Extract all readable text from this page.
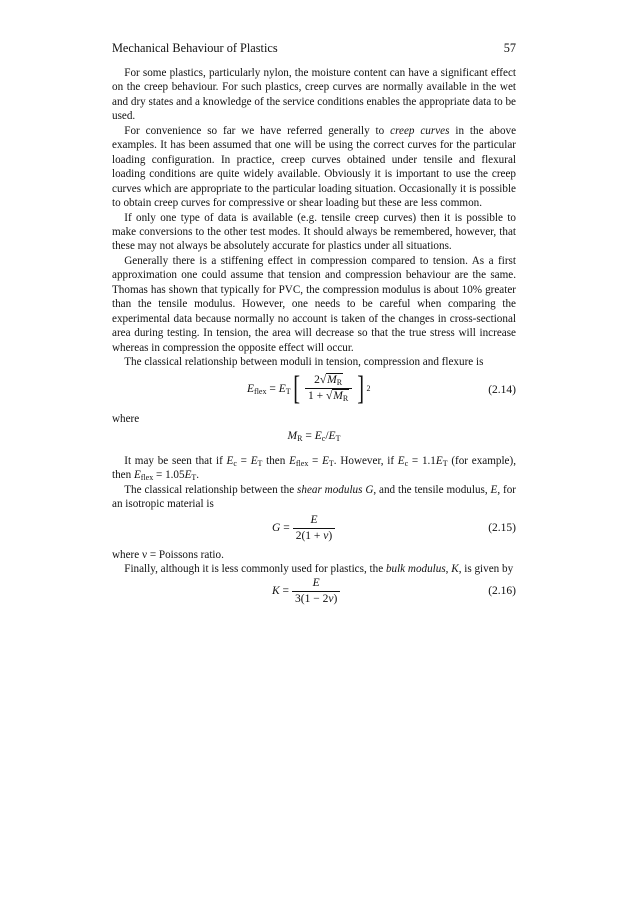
Mechanical Behaviour of Plastics	57

For some plastics, particularly nylon, the moisture content can have a significant effect on the creep behaviour. For such plastics, creep curves are normally available in the wet and dry states and a knowledge of the service conditions enables the appropriate data to be used.

For convenience so far we have referred generally to creep curves in the above examples. It has been assumed that one will be using the correct curves for the particular loading configuration. In practice, creep curves obtained under tensile and flexural loading conditions are quite widely available. Obviously it is important to use the creep curves which are appropriate to the particular loading situation. Occasionally it is possible to obtain creep curves for compressive or shear loading but these are less common.

If only one type of data is available (e.g. tensile creep curves) then it is possible to make conversions to the other test modes. It should always be remembered, however, that these may not always be absolutely accurate for plastics under all situations.

Generally there is a stiffening effect in compression compared to tension. As a first approximation one could assume that tension and compression behaviour are the same. Thomas has shown that typically for PVC, the compression modulus is about 10% greater than the tensile modulus. However, one needs to be careful when comparing the experimental data because normally no account is taken of the changes in cross-sectional area during testing. In tension, the area will decrease so that the true stress will increase whereas in compression the opposite effect will occur.

The classical relationship between moduli in tension, compression and flexure is

$E_{flex} = E_T$ [ $\frac{2√M_R}{1 + √M_R}$ ] 2	(2.14)

where

$M_R = E_c/E_T$

It may be seen that if $E_c = E_T$ then $E_{flex} = E_T$. However, if $E_c = 1.1E_T$ (for example), then $E_{flex} = 1.05E_T$.

The classical relationship between the shear modulus G, and the tensile modulus, E, for an isotropic material is

$G = \frac{E}{2(1 + \nu)}$	(2.15)

where ν = Poissons ratio.

Finally, although it is less commonly used for plastics, the bulk modulus, K, is given by

$K = \frac{E}{3(1 - 2\nu)}$	(2.16)
